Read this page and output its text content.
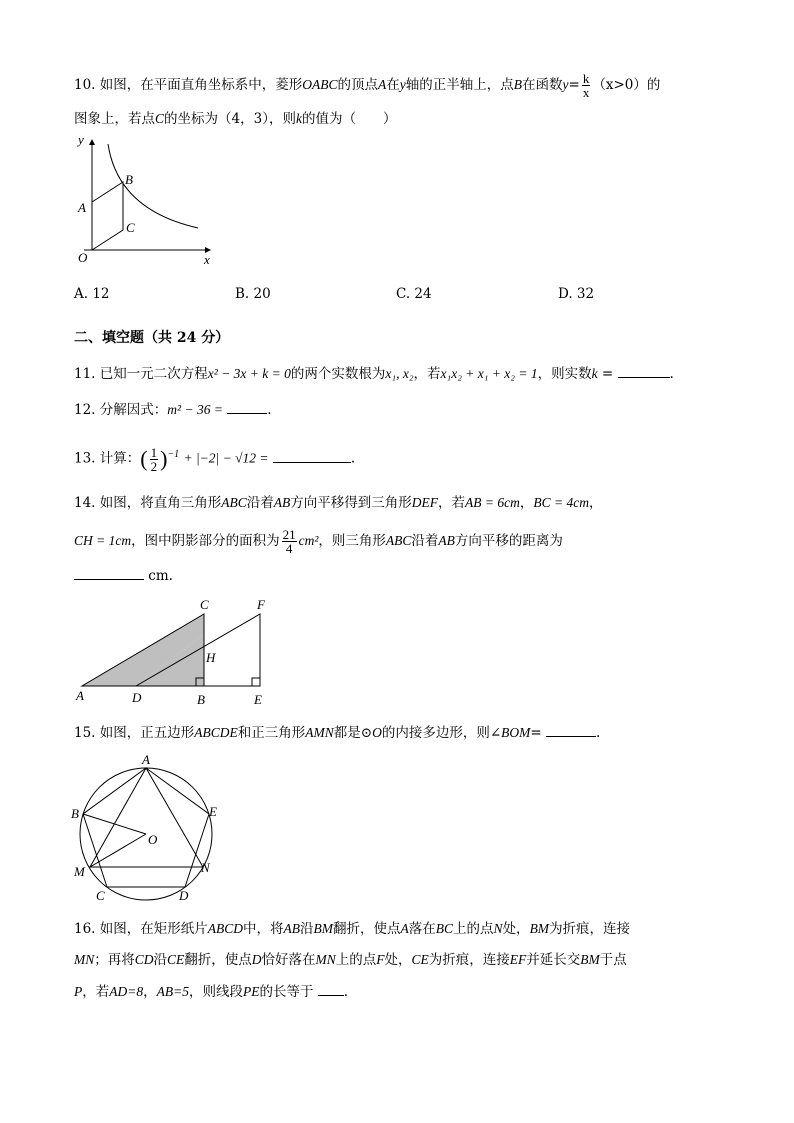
10. 如图，在平面直角坐标系中，菱形OABC的顶点A在y轴的正半轴上，点B在函数$y= \frac{k}{x} (x>0)$的
图象上，若点C的坐标为（4，3），则k的值为（　　）
y
x
O
A
B
C
A. 12	B. 20	C. 24	D. 32
二、填空题（共 24 分）
11. 已知一元二次方程x² − 3x + k = 0的两个实数根为x₁, x₂，若x₁x₂ + x₁ + x₂ = 1，则实数k =	.
12. 分解因式：m² − 36 =	.
13. 计算：( $\frac{1}{2} )^{-1} + |-2| - √12$ =	.
14. 如图，将直角三角形ABC沿着AB方向平移得到三角形DEF，若AB = 6cm，BC = 4cm，
CH = 1cm，图中阴影部分的面积为 $\frac{21}{4} cm^2$，则三角形ABC沿着AB方向平移的距离为
cm.
A	D	B	E
C	F
H
15. 如图，正五边形ABCDE和正三角形AMN都是⊙O的内接多边形，则∠BOM=	.
A
B	E
O
M	N
C	D
16. 如图，在矩形纸片ABCD中，将AB沿BM翻折，使点A落在BC上的点N处，BM为折痕，连接
MN；再将CD沿CE翻折，使点D恰好落在MN上的点F处，CE为折痕，连接EF并延长交BM于点
P，若AD=8，AB=5，则线段PE的长等于 .
